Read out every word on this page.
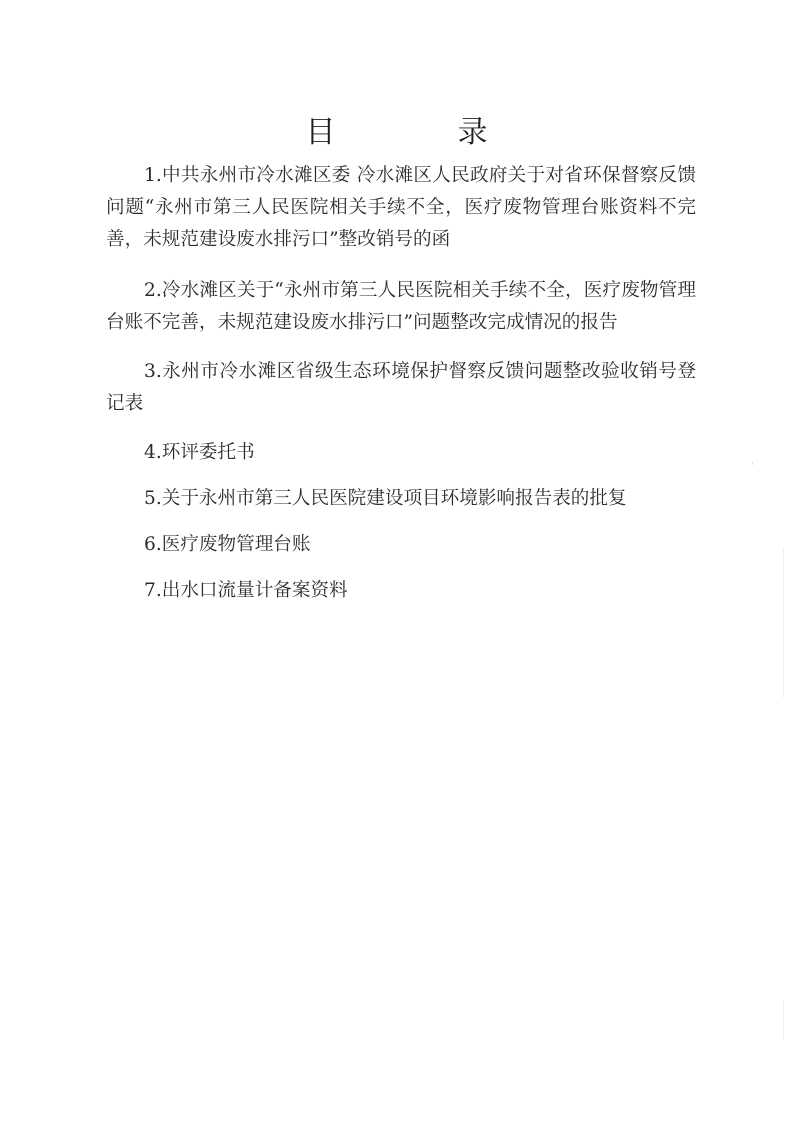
目　录

1.中共永州市冷水滩区委 冷水滩区人民政府关于对省环保督察反馈问题“永州市第三人民医院相关手续不全，医疗废物管理台账资料不完善，未规范建设废水排污口”整改销号的函

2.冷水滩区关于“永州市第三人民医院相关手续不全，医疗废物管理台账不完善，未规范建设废水排污口”问题整改完成情况的报告

3.永州市冷水滩区省级生态环境保护督察反馈问题整改验收销号登记表

4.环评委托书

5.关于永州市第三人民医院建设项目环境影响报告表的批复

6.医疗废物管理台账

7.出水口流量计备案资料
